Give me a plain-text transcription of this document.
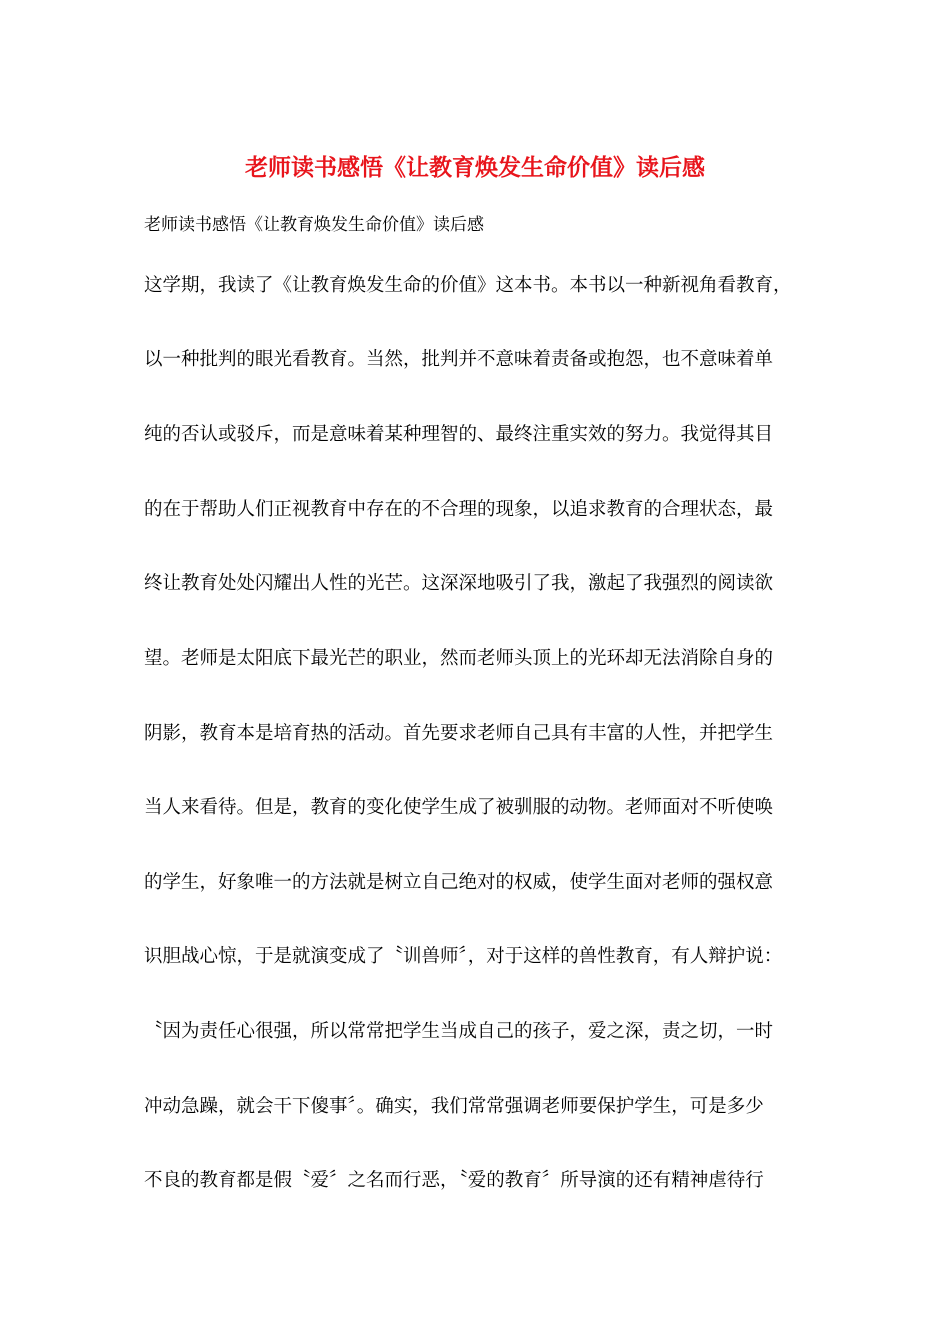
老师读书感悟《让教育焕发生命价值》读后感
老师读书感悟《让教育焕发生命价值》读后感
这学期，我读了《让教育焕发生命的价值》这本书。本书以一种新视角看教育，
以一种批判的眼光看教育。当然，批判并不意味着责备或抱怨，也不意味着单
纯的否认或驳斥，而是意味着某种理智的、最终注重实效的努力。我觉得其目
的在于帮助人们正视教育中存在的不合理的现象，以追求教育的合理状态，最
终让教育处处闪耀出人性的光芒。这深深地吸引了我，激起了我强烈的阅读欲
望。老师是太阳底下最光芒的职业，然而老师头顶上的光环却无法消除自身的
阴影，教育本是培育热的活动。首先要求老师自己具有丰富的人性，并把学生
当人来看待。但是，教育的变化使学生成了被驯服的动物。老师面对不听使唤
的学生，好象唯一的方法就是树立自己绝对的权威，使学生面对老师的强权意
识胆战心惊，于是就演变成了〝训兽师〞，对于这样的兽性教育，有人辩护说：
〝因为责任心很强，所以常常把学生当成自己的孩子，爱之深，责之切，一时
冲动急躁，就会干下傻事〞。确实，我们常常强调老师要保护学生，可是多少
不良的教育都是假〝爱〞之名而行恶，〝爱的教育〞所导演的还有精神虐待行
